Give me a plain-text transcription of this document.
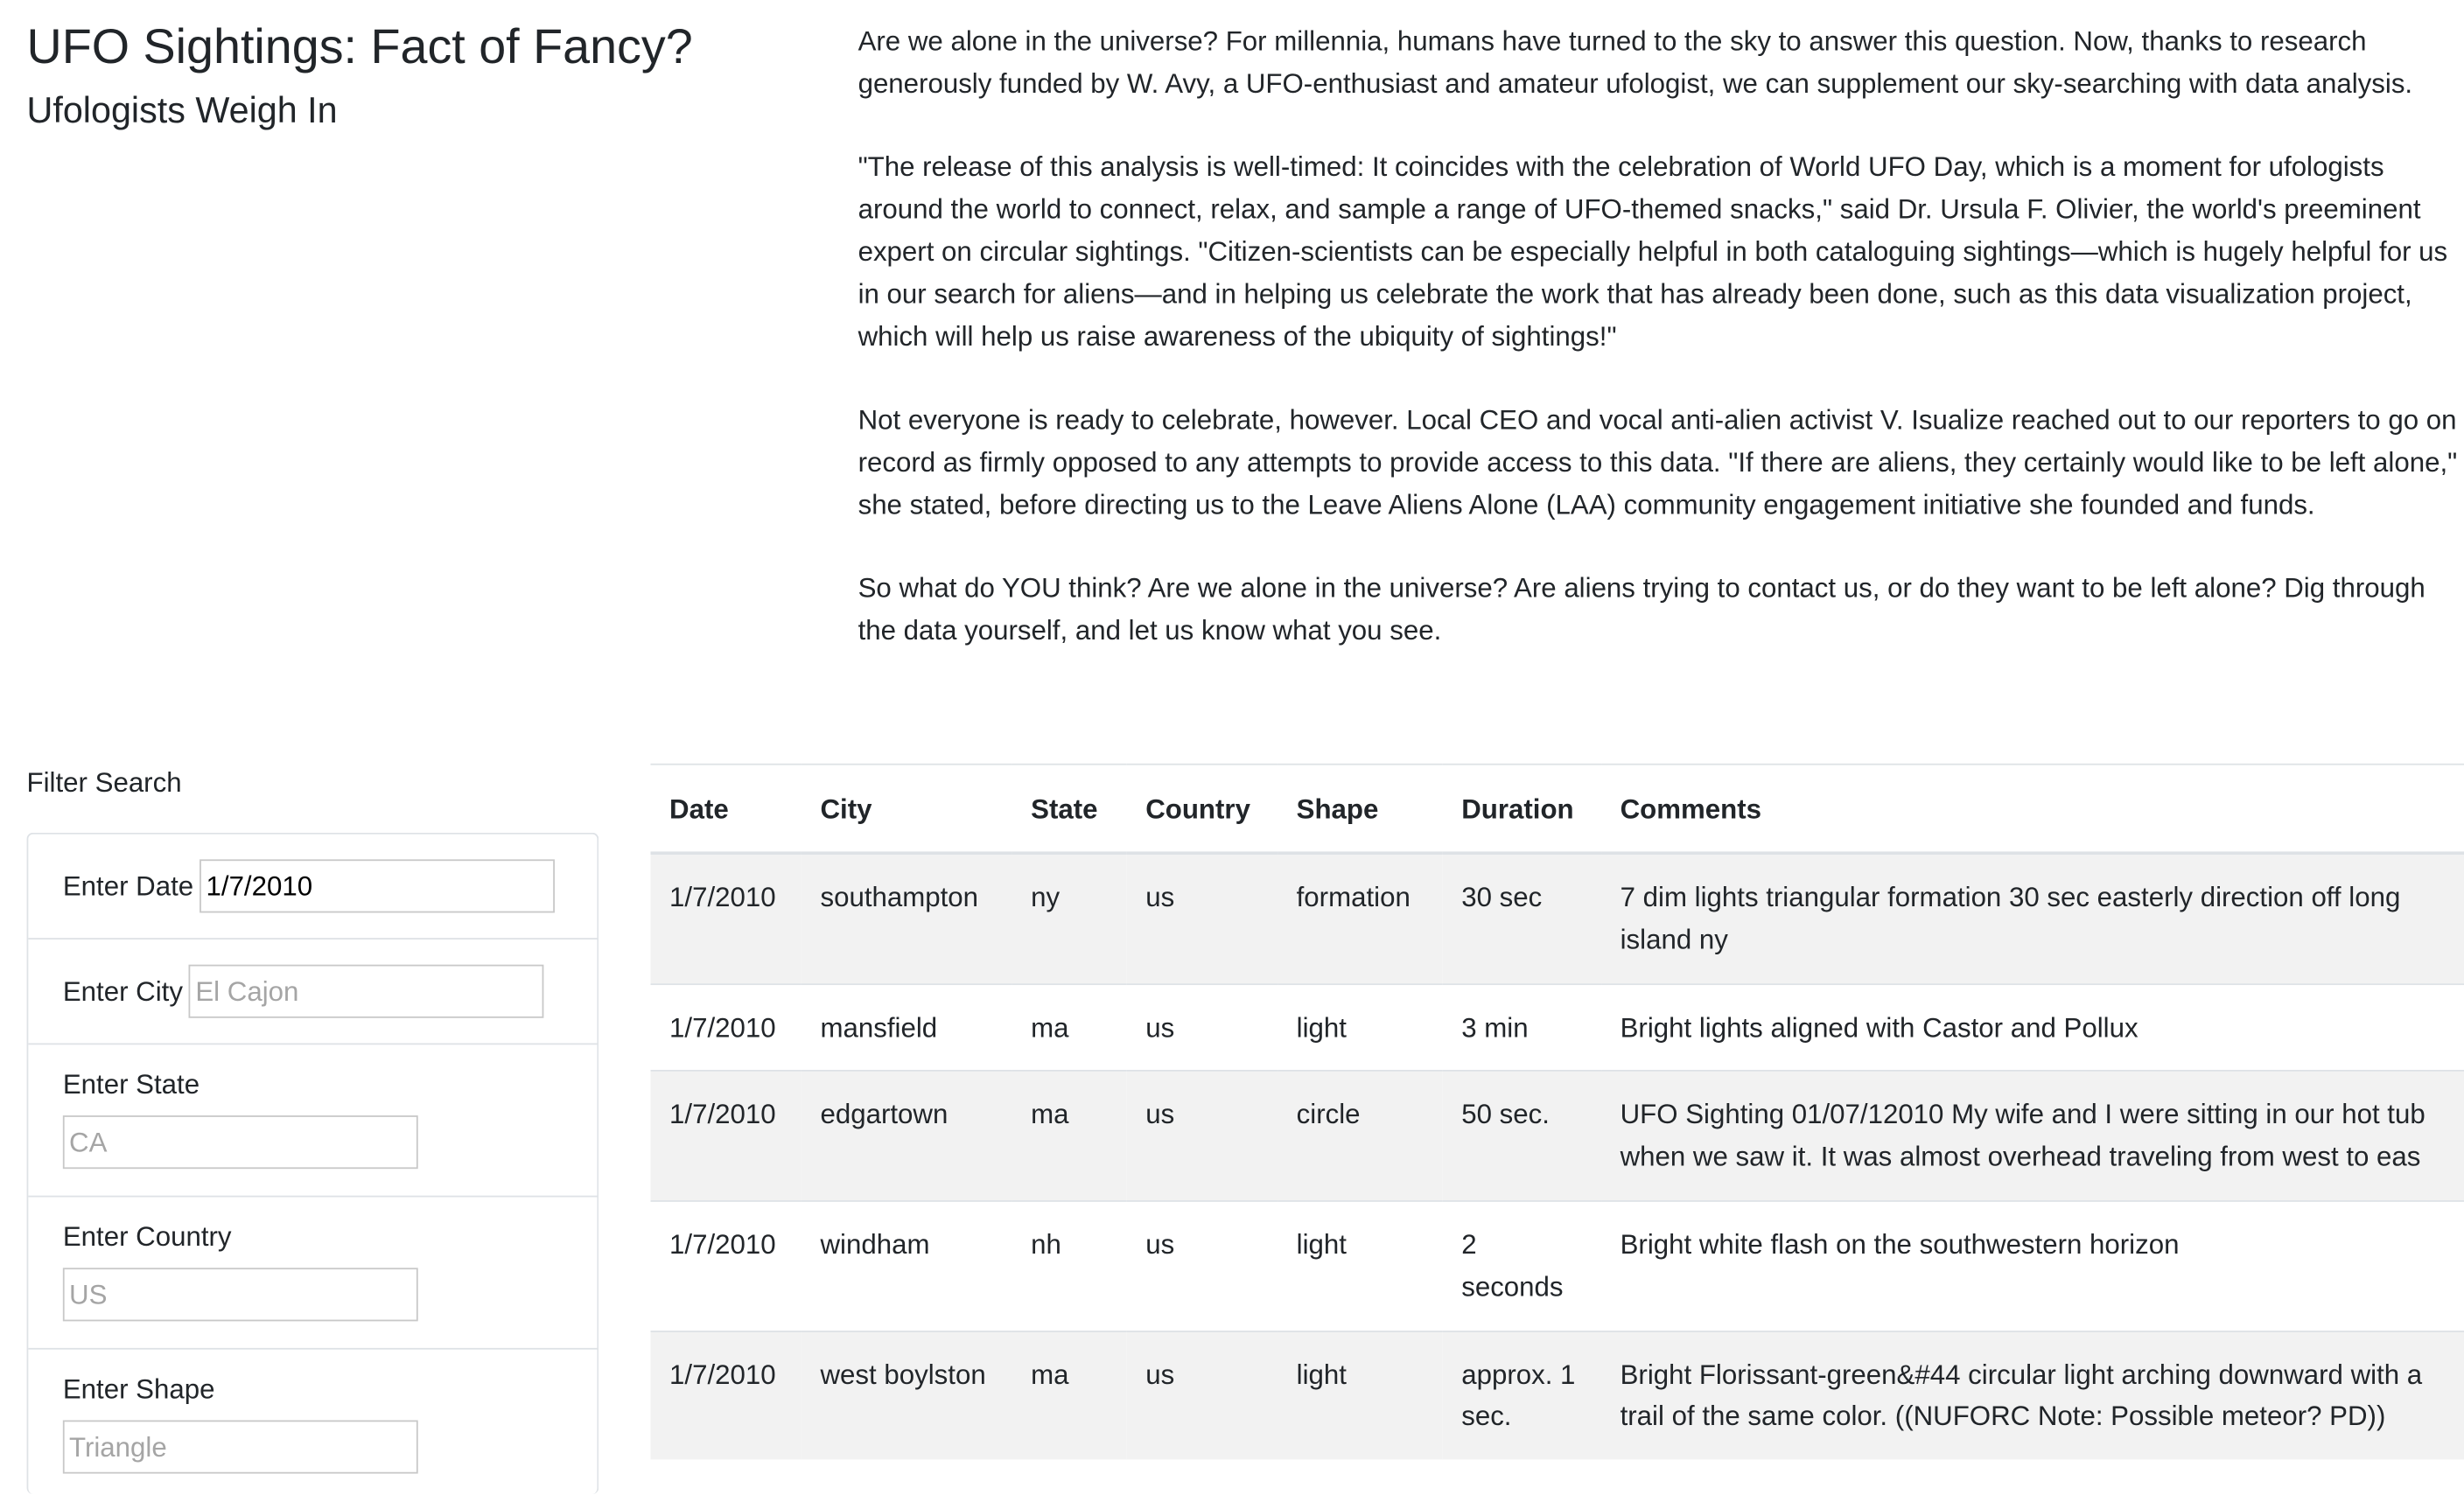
UFO Sightings: Fact of Fancy?
Ufologists Weigh In

Are we alone in the universe? For millennia, humans have turned to the sky to answer this question. Now, thanks to research generously funded by W. Avy, a UFO-enthusiast and amateur ufologist, we can supplement our sky-searching with data analysis.

"The release of this analysis is well-timed: It coincides with the celebration of World UFO Day, which is a moment for ufologists around the world to connect, relax, and sample a range of UFO-themed snacks," said Dr. Ursula F. Olivier, the world's preeminent expert on circular sightings. "Citizen-scientists can be especially helpful in both cataloguing sightings—which is hugely helpful for us in our search for aliens—and in helping us celebrate the work that has already been done, such as this data visualization project, which will help us raise awareness of the ubiquity of sightings!"

Not everyone is ready to celebrate, however. Local CEO and vocal anti-alien activist V. Isualize reached out to our reporters to go on record as firmly opposed to any attempts to provide access to this data. "If there are aliens, they certainly would like to be left alone," she stated, before directing us to the Leave Aliens Alone (LAA) community engagement initiative she founded and funds.

So what do YOU think? Are we alone in the universe? Are aliens trying to contact us, or do they want to be left alone? Dig through the data yourself, and let us know what you see.

Filter Search
Enter Date
1/7/2010
Enter City
El Cajon
Enter State
CA
Enter Country
US
Enter Shape
Triangle
Date	City	State	Country	Shape	Duration	Comments
1/7/2010	southampton	ny	us	formation	30 sec	7 dim lights triangular formation 30 sec easterly direction off long island ny
1/7/2010	mansfield	ma	us	light	3 min	Bright lights aligned with Castor and Pollux
1/7/2010	edgartown	ma	us	circle	50 sec.	UFO Sighting 01/07/12010 My wife and I were sitting in our hot tub when we saw it. It was almost overhead traveling from west to eas
1/7/2010	windham	nh	us	light	2 seconds	Bright white flash on the southwestern horizon
1/7/2010	west boylston	ma	us	light	approx. 1 sec.	Bright Florissant-green&#44 circular light arching downward with a trail of the same color. ((NUFORC Note: Possible meteor? PD))
